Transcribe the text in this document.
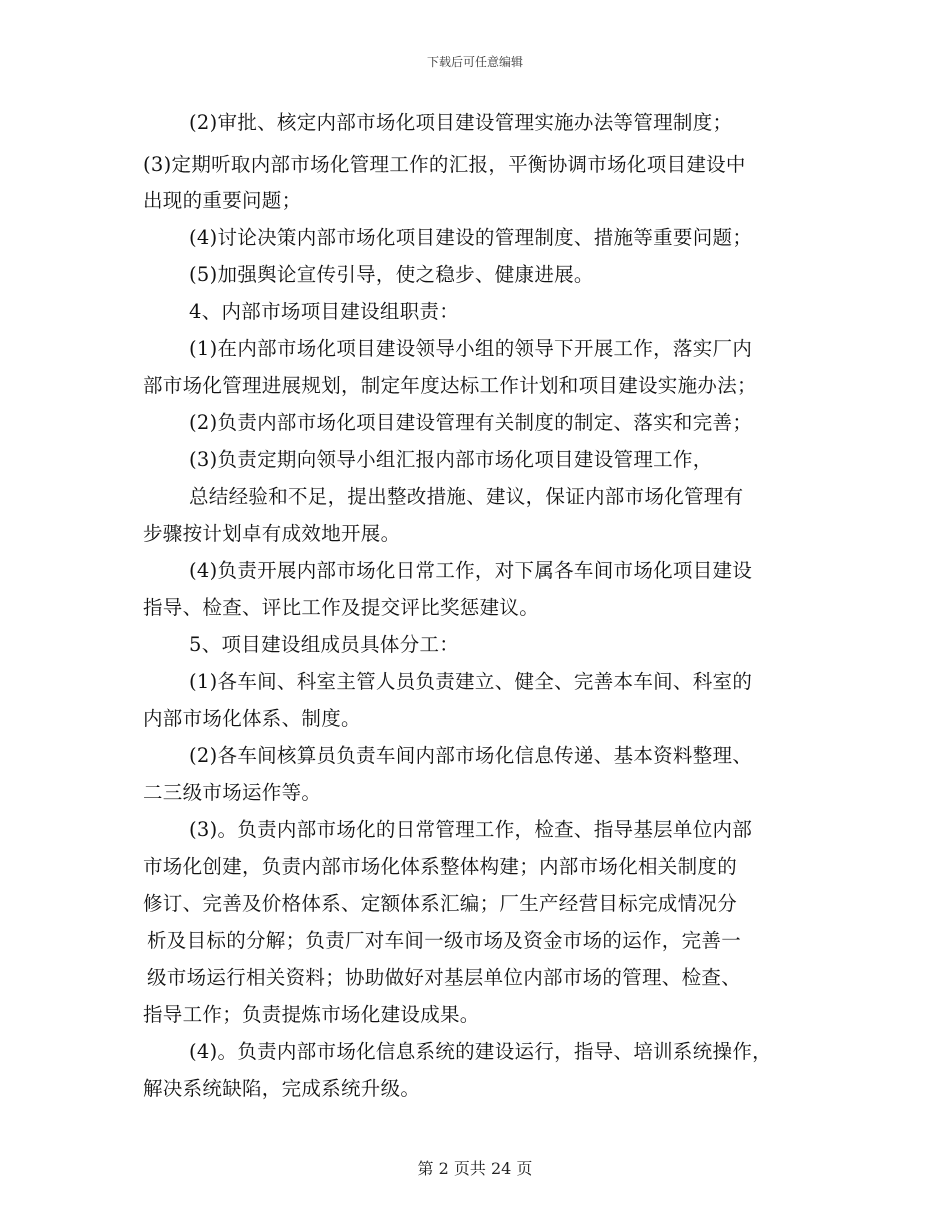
下载后可任意编辑
(2)审批、核定内部市场化项目建设管理实施办法等管理制度；
(3)定期听取内部市场化管理工作的汇报，平衡协调市场化项目建设中
出现的重要问题；
(4)讨论决策内部市场化项目建设的管理制度、措施等重要问题；
(5)加强舆论宣传引导，使之稳步、健康进展。
4、内部市场项目建设组职责：
(1)在内部市场化项目建设领导小组的领导下开展工作，落实厂内
部市场化管理进展规划，制定年度达标工作计划和项目建设实施办法；
(2)负责内部市场化项目建设管理有关制度的制定、落实和完善；
(3)负责定期向领导小组汇报内部市场化项目建设管理工作，
总结经验和不足，提出整改措施、建议，保证内部市场化管理有
步骤按计划卓有成效地开展。
(4)负责开展内部市场化日常工作，对下属各车间市场化项目建设
指导、检查、评比工作及提交评比奖惩建议。
5、项目建设组成员具体分工：
(1)各车间、科室主管人员负责建立、健全、完善本车间、科室的
内部市场化体系、制度。
(2)各车间核算员负责车间内部市场化信息传递、基本资料整理、
二三级市场运作等。
(3)。负责内部市场化的日常管理工作，检查、指导基层单位内部
市场化创建，负责内部市场化体系整体构建；内部市场化相关制度的
修订、完善及价格体系、定额体系汇编；厂生产经营目标完成情况分
析及目标的分解；负责厂对车间一级市场及资金市场的运作，完善一
级市场运行相关资料；协助做好对基层单位内部市场的管理、检查、
指导工作；负责提炼市场化建设成果。
(4)。负责内部市场化信息系统的建设运行，指导、培训系统操作，
解决系统缺陷，完成系统升级。
第 2 页共 24 页
